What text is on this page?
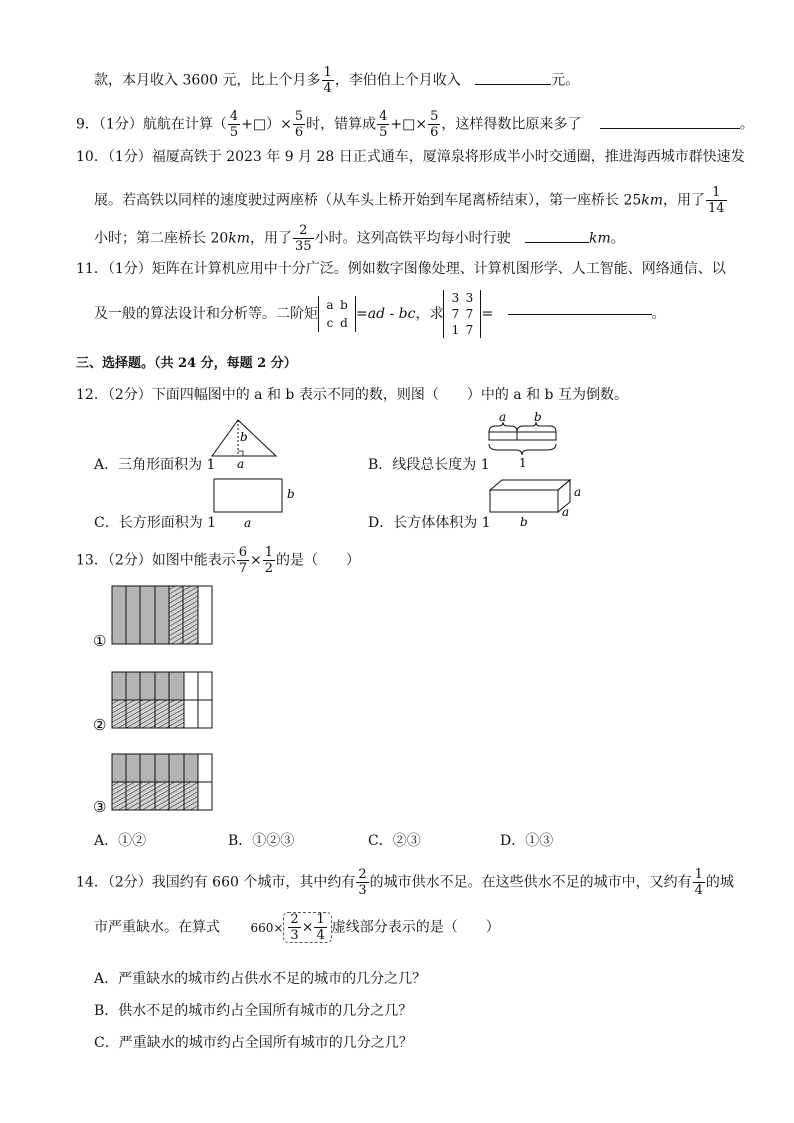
款，本月收入 3600 元，比上个月多 $\frac{1}{4}$ ，李伯伯上个月收入	元。
9．（1分）航航在计算（ $\frac{4}{5}$ +□）× $\frac{5}{6}$ 时，错算成 $\frac{4}{5}$ +□× $\frac{5}{6}$ ，这样得数比原来多了	。
10．（1分）福厦高铁于 2023 年 9 月 28 日正式通车，厦漳泉将形成半小时交通圈，推进海西城市群快速发
展。若高铁以同样的速度驶过两座桥（从车头上桥开始到车尾离桥结束），第一座桥长 25km，用了 $\frac{1}{14}$
小时；第二座桥长 20km，用了 $\frac{2}{35}$ 小时。这列高铁平均每小时行驶	km。
11．（1分）矩阵在计算机应用中十分广泛。例如数字图像处理、计算机图形学、人工智能、网络通信、以
及一般的算法设计和分析等。二阶矩a b
c d=ad - bc，求3 3
7 7
1 7=	。
三、选择题。（共 24 分，每题 2 分）
12．（2分）下面四幅图中的 a 和 b 表示不同的数，则图（　　）中的 a 和 b 互为倒数。
A．三角形面积为 1	B．线段总长度为 1
C．长方形面积为 1	D．长方体体积为 1
b
a
a b
1
b
a
a
a
b
13．（2分）如图中能表示 $\frac{6}{7} \times \frac{1}{2}$ 的是（　　）
①
②
③
A．①②	B．①②③	C．②③	D．①③
14．（2分）我国约有 660 个城市，其中约有 $\frac{2}{3}$ 的城市供水不足。在这些供水不足的城市中，又约有 $\frac{1}{4}$ 的城
市严重缺水。在算式	$660\times \frac{2}{3} \times \frac{1}{4}$ 虚线部分表示的是（　　）
A．严重缺水的城市约占供水不足的城市的几分之几？
B．供水不足的城市约占全国所有城市的几分之几？
C．严重缺水的城市约占全国所有城市的几分之几？
